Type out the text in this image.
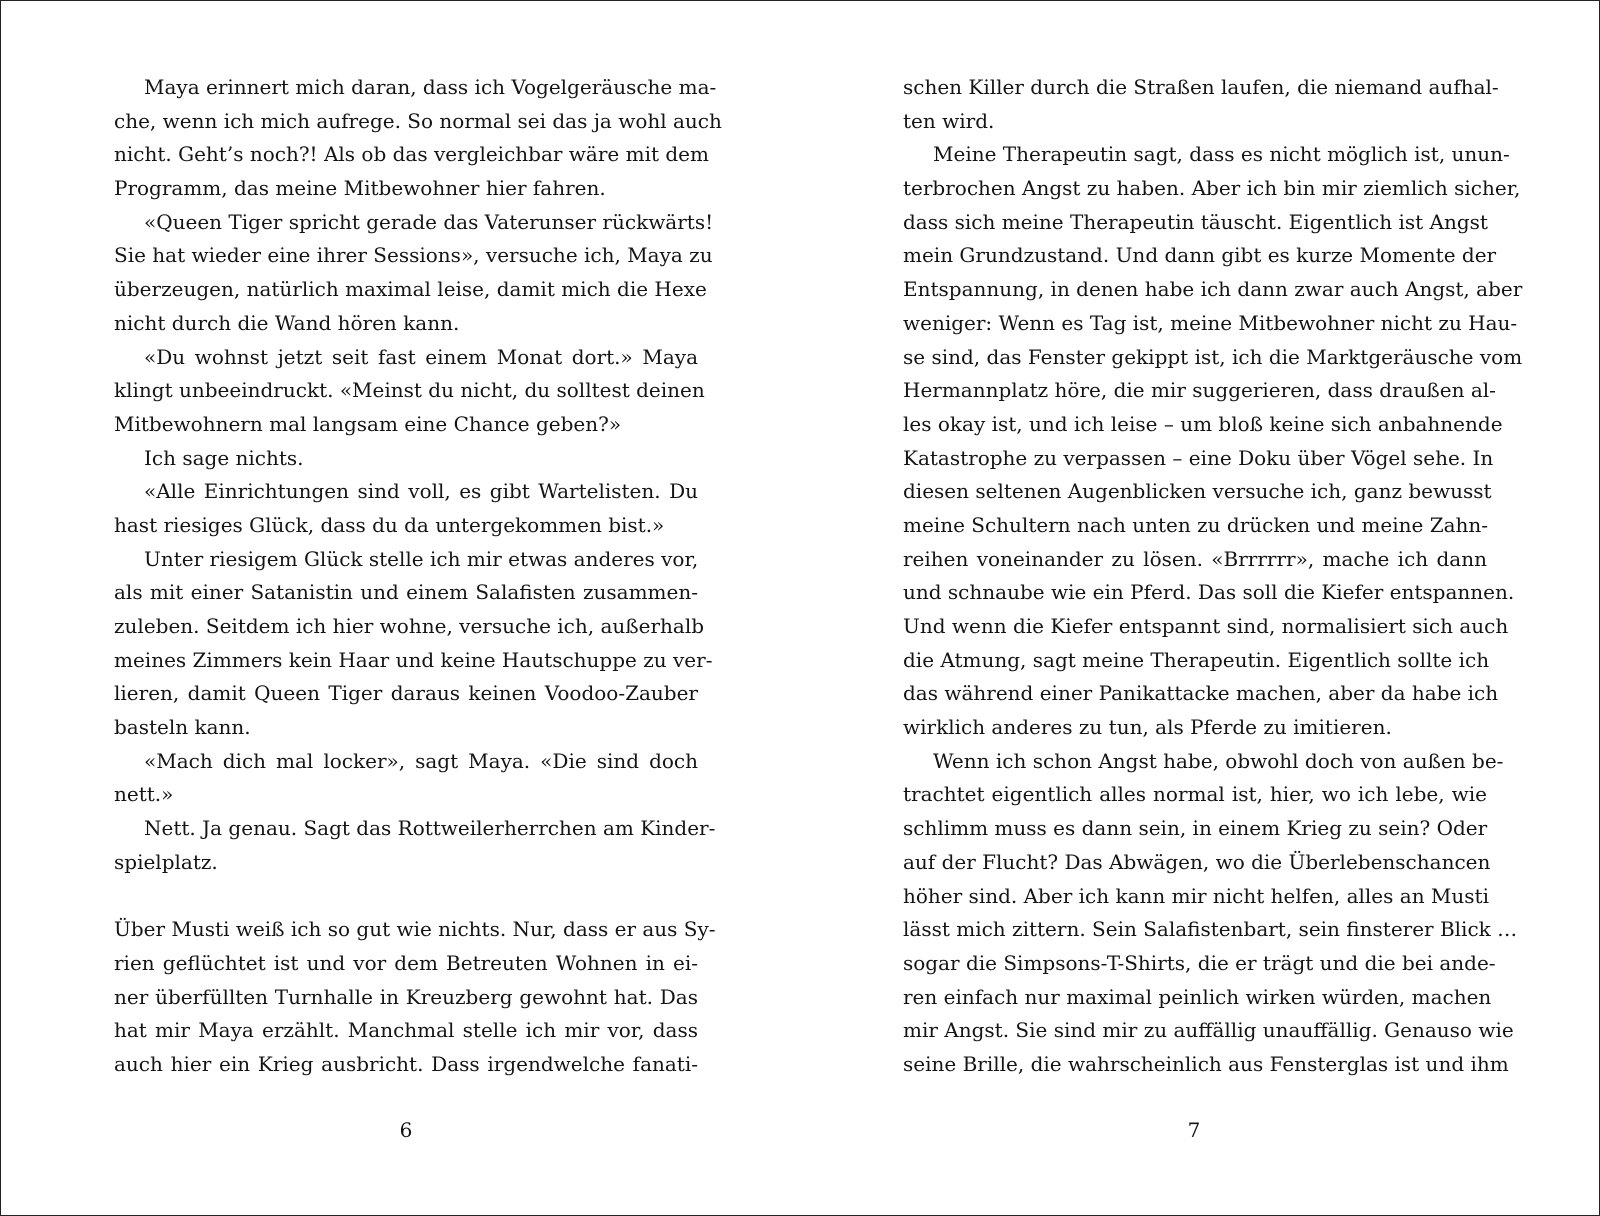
Maya erinnert mich daran, dass ich Vogelgeräusche ma-
che, wenn ich mich aufrege. So normal sei das ja wohl auch
nicht. Geht’s noch?! Als ob das vergleichbar wäre mit dem
Programm, das meine Mitbewohner hier fahren.
«Queen Tiger spricht gerade das Vaterunser rückwärts!
Sie hat wieder eine ihrer Sessions», versuche ich, Maya zu
überzeugen, natürlich maximal leise, damit mich die Hexe
nicht durch die Wand hören kann.
«Du wohnst jetzt seit fast einem Monat dort.» Maya
klingt unbeeindruckt. «Meinst du nicht, du solltest deinen
Mitbewohnern mal langsam eine Chance geben?»
Ich sage nichts.
«Alle Einrichtungen sind voll, es gibt Wartelisten. Du
hast riesiges Glück, dass du da untergekommen bist.»
Unter riesigem Glück stelle ich mir etwas anderes vor,
als mit einer Satanistin und einem Salafisten zusammen-
zuleben. Seitdem ich hier wohne, versuche ich, außerhalb
meines Zimmers kein Haar und keine Hautschuppe zu ver-
lieren, damit Queen Tiger daraus keinen Voodoo-Zauber
basteln kann.
«Mach dich mal locker», sagt Maya. «Die sind doch
nett.»
Nett. Ja genau. Sagt das Rottweilerherrchen am Kinder-
spielplatz.
Über Musti weiß ich so gut wie nichts. Nur, dass er aus Sy-
rien geflüchtet ist und vor dem Betreuten Wohnen in ei-
ner überfüllten Turnhalle in Kreuzberg gewohnt hat. Das
hat mir Maya erzählt. Manchmal stelle ich mir vor, dass
auch hier ein Krieg ausbricht. Dass irgendwelche fanati-
6
schen Killer durch die Straßen laufen, die niemand aufhal-
ten wird.
Meine Therapeutin sagt, dass es nicht möglich ist, unun-
terbrochen Angst zu haben. Aber ich bin mir ziemlich sicher,
dass sich meine Therapeutin täuscht. Eigentlich ist Angst
mein Grundzustand. Und dann gibt es kurze Momente der
Entspannung, in denen habe ich dann zwar auch Angst, aber
weniger: Wenn es Tag ist, meine Mitbewohner nicht zu Hau-
se sind, das Fenster gekippt ist, ich die Marktgeräusche vom
Hermannplatz höre, die mir suggerieren, dass draußen al-
les okay ist, und ich leise – um bloß keine sich anbahnende
Katastrophe zu verpassen – eine Doku über Vögel sehe. In
diesen seltenen Augenblicken versuche ich, ganz bewusst
meine Schultern nach unten zu drücken und meine Zahn-
reihen voneinander zu lösen. «Brrrrrr», mache ich dann
und schnaube wie ein Pferd. Das soll die Kiefer entspannen.
Und wenn die Kiefer entspannt sind, normalisiert sich auch
die Atmung, sagt meine Therapeutin. Eigentlich sollte ich
das während einer Panikattacke machen, aber da habe ich
wirklich anderes zu tun, als Pferde zu imitieren.
Wenn ich schon Angst habe, obwohl doch von außen be-
trachtet eigentlich alles normal ist, hier, wo ich lebe, wie
schlimm muss es dann sein, in einem Krieg zu sein? Oder
auf der Flucht? Das Abwägen, wo die Überlebenschancen
höher sind. Aber ich kann mir nicht helfen, alles an Musti
lässt mich zittern. Sein Salafistenbart, sein finsterer Blick …
sogar die Simpsons-T-Shirts, die er trägt und die bei ande-
ren einfach nur maximal peinlich wirken würden, machen
mir Angst. Sie sind mir zu auffällig unauffällig. Genauso wie
seine Brille, die wahrscheinlich aus Fensterglas ist und ihm
7
